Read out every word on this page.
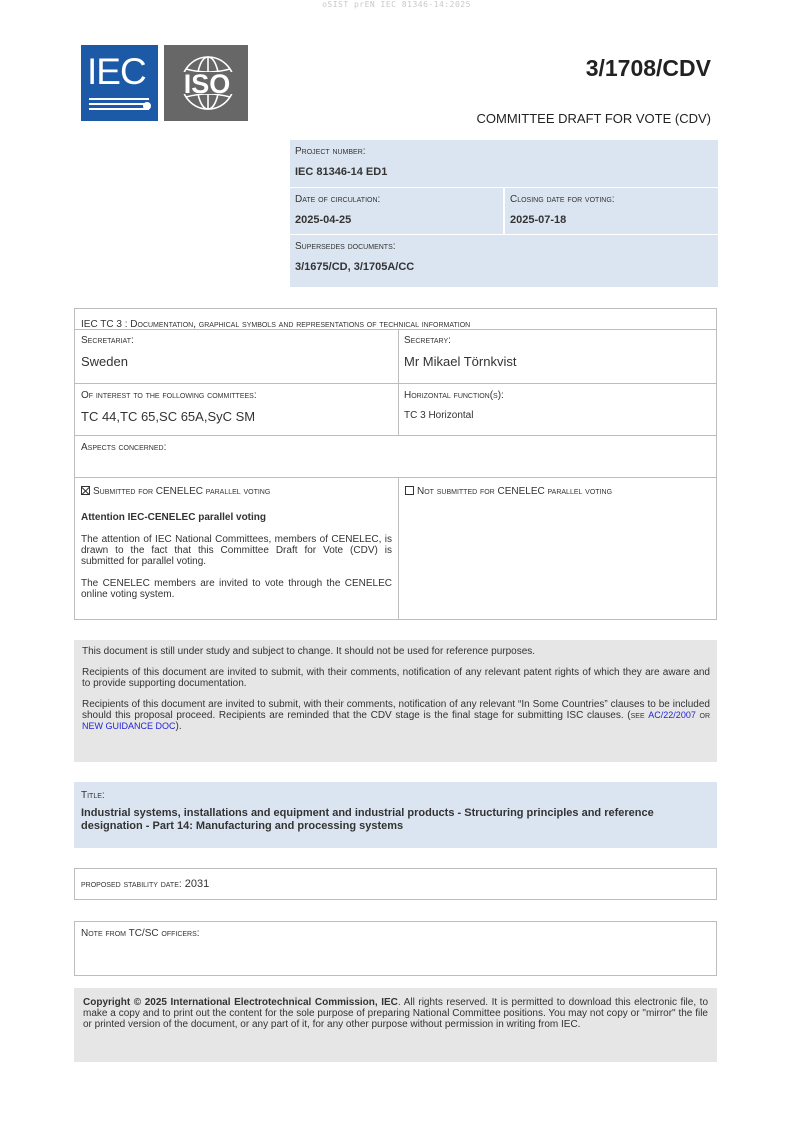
oSIST prEN IEC 81346-14:2025
IEC ISO
3/1708/CDV
COMMITTEE DRAFT FOR VOTE (CDV)
Project number:
IEC 81346-14 ED1
Date of circulation:
2025-04-25
Closing date for voting:
2025-07-18
Supersedes documents:
3/1675/CD, 3/1705A/CC
IEC TC 3 : Documentation, graphical symbols and representations of technical information
Secretariat:
Sweden
Secretary:
Mr Mikael Törnkvist
Of interest to the following committees:
TC 44,TC 65,SC 65A,SyC SM
Horizontal function(s):
TC 3 Horizontal
Aspects concerned:
Submitted for CENELEC parallel voting
Attention IEC-CENELEC parallel voting
The attention of IEC National Committees, members of CENELEC, is drawn to the fact that this Committee Draft for Vote (CDV) is submitted for parallel voting.
The CENELEC members are invited to vote through the CENELEC online voting system.
Not submitted for CENELEC parallel voting

This document is still under study and subject to change. It should not be used for reference purposes.

Recipients of this document are invited to submit, with their comments, notification of any relevant patent rights of which they are aware and to provide supporting documentation.

Recipients of this document are invited to submit, with their comments, notification of any relevant “In Some Countries” clauses to be included should this proposal proceed. Recipients are reminded that the CDV stage is the final stage for submitting ISC clauses. (see AC/22/2007 or NEW GUIDANCE DOC).

Title:
Industrial systems, installations and equipment and industrial products - Structuring principles and reference designation - Part 14: Manufacturing and processing systems
proposed stability date: 2031
Note from TC/SC officers:
Copyright © 2025 International Electrotechnical Commission, IEC. All rights reserved. It is permitted to download this electronic file, to make a copy and to print out the content for the sole purpose of preparing National Committee positions. You may not copy or "mirror" the file or printed version of the document, or any part of it, for any other purpose without permission in writing from IEC.
